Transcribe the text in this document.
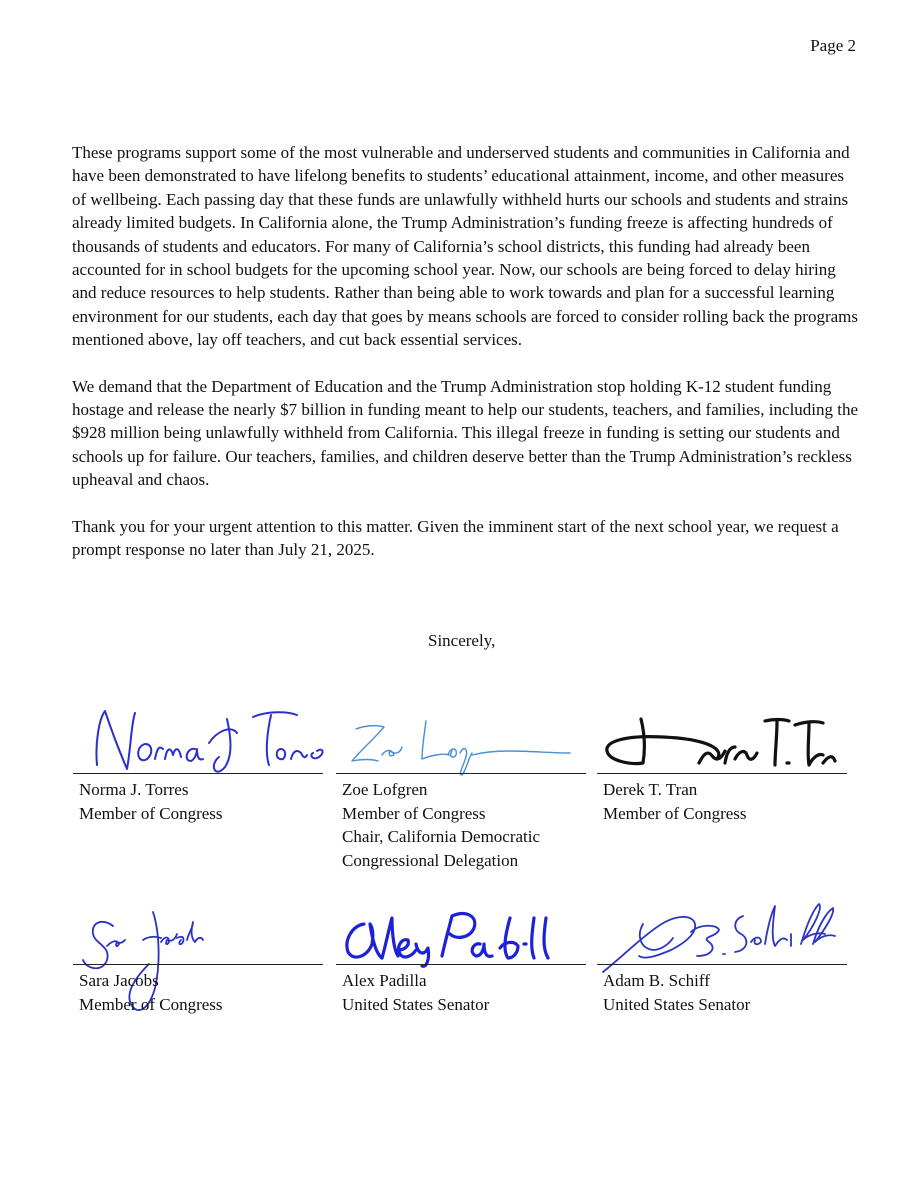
Page 2

These programs support some of the most vulnerable and underserved students and communities in California and have been demonstrated to have lifelong benefits to students’ educational attainment, income, and other measures of wellbeing. Each passing day that these funds are unlawfully withheld hurts our schools and students and strains already limited budgets. In California alone, the Trump Administration’s funding freeze is affecting hundreds of thousands of students and educators. For many of California’s school districts, this funding had already been accounted for in school budgets for the upcoming school year. Now, our schools are being forced to delay hiring and reduce resources to help students. Rather than being able to work towards and plan for a successful learning environment for our students, each day that goes by means schools are forced to consider rolling back the programs mentioned above, lay off teachers, and cut back essential services.

We demand that the Department of Education and the Trump Administration stop holding K-12 student funding hostage and release the nearly $7 billion in funding meant to help our students, teachers, and families, including the $928 million being unlawfully withheld from California. This illegal freeze in funding is setting our students and schools up for failure. Our teachers, families, and children deserve better than the Trump Administration’s reckless upheaval and chaos.

Thank you for your urgent attention to this matter. Given the imminent start of the next school year, we request a prompt response no later than July 21, 2025.

Sincerely,
Norma J. Torres
Member of Congress
Zoe Lofgren
Member of Congress
Chair, California Democratic
Congressional Delegation
Derek T. Tran
Member of Congress
Sara Jacobs
Member of Congress
Alex Padilla
United States Senator
Adam B. Schiff
United States Senator
